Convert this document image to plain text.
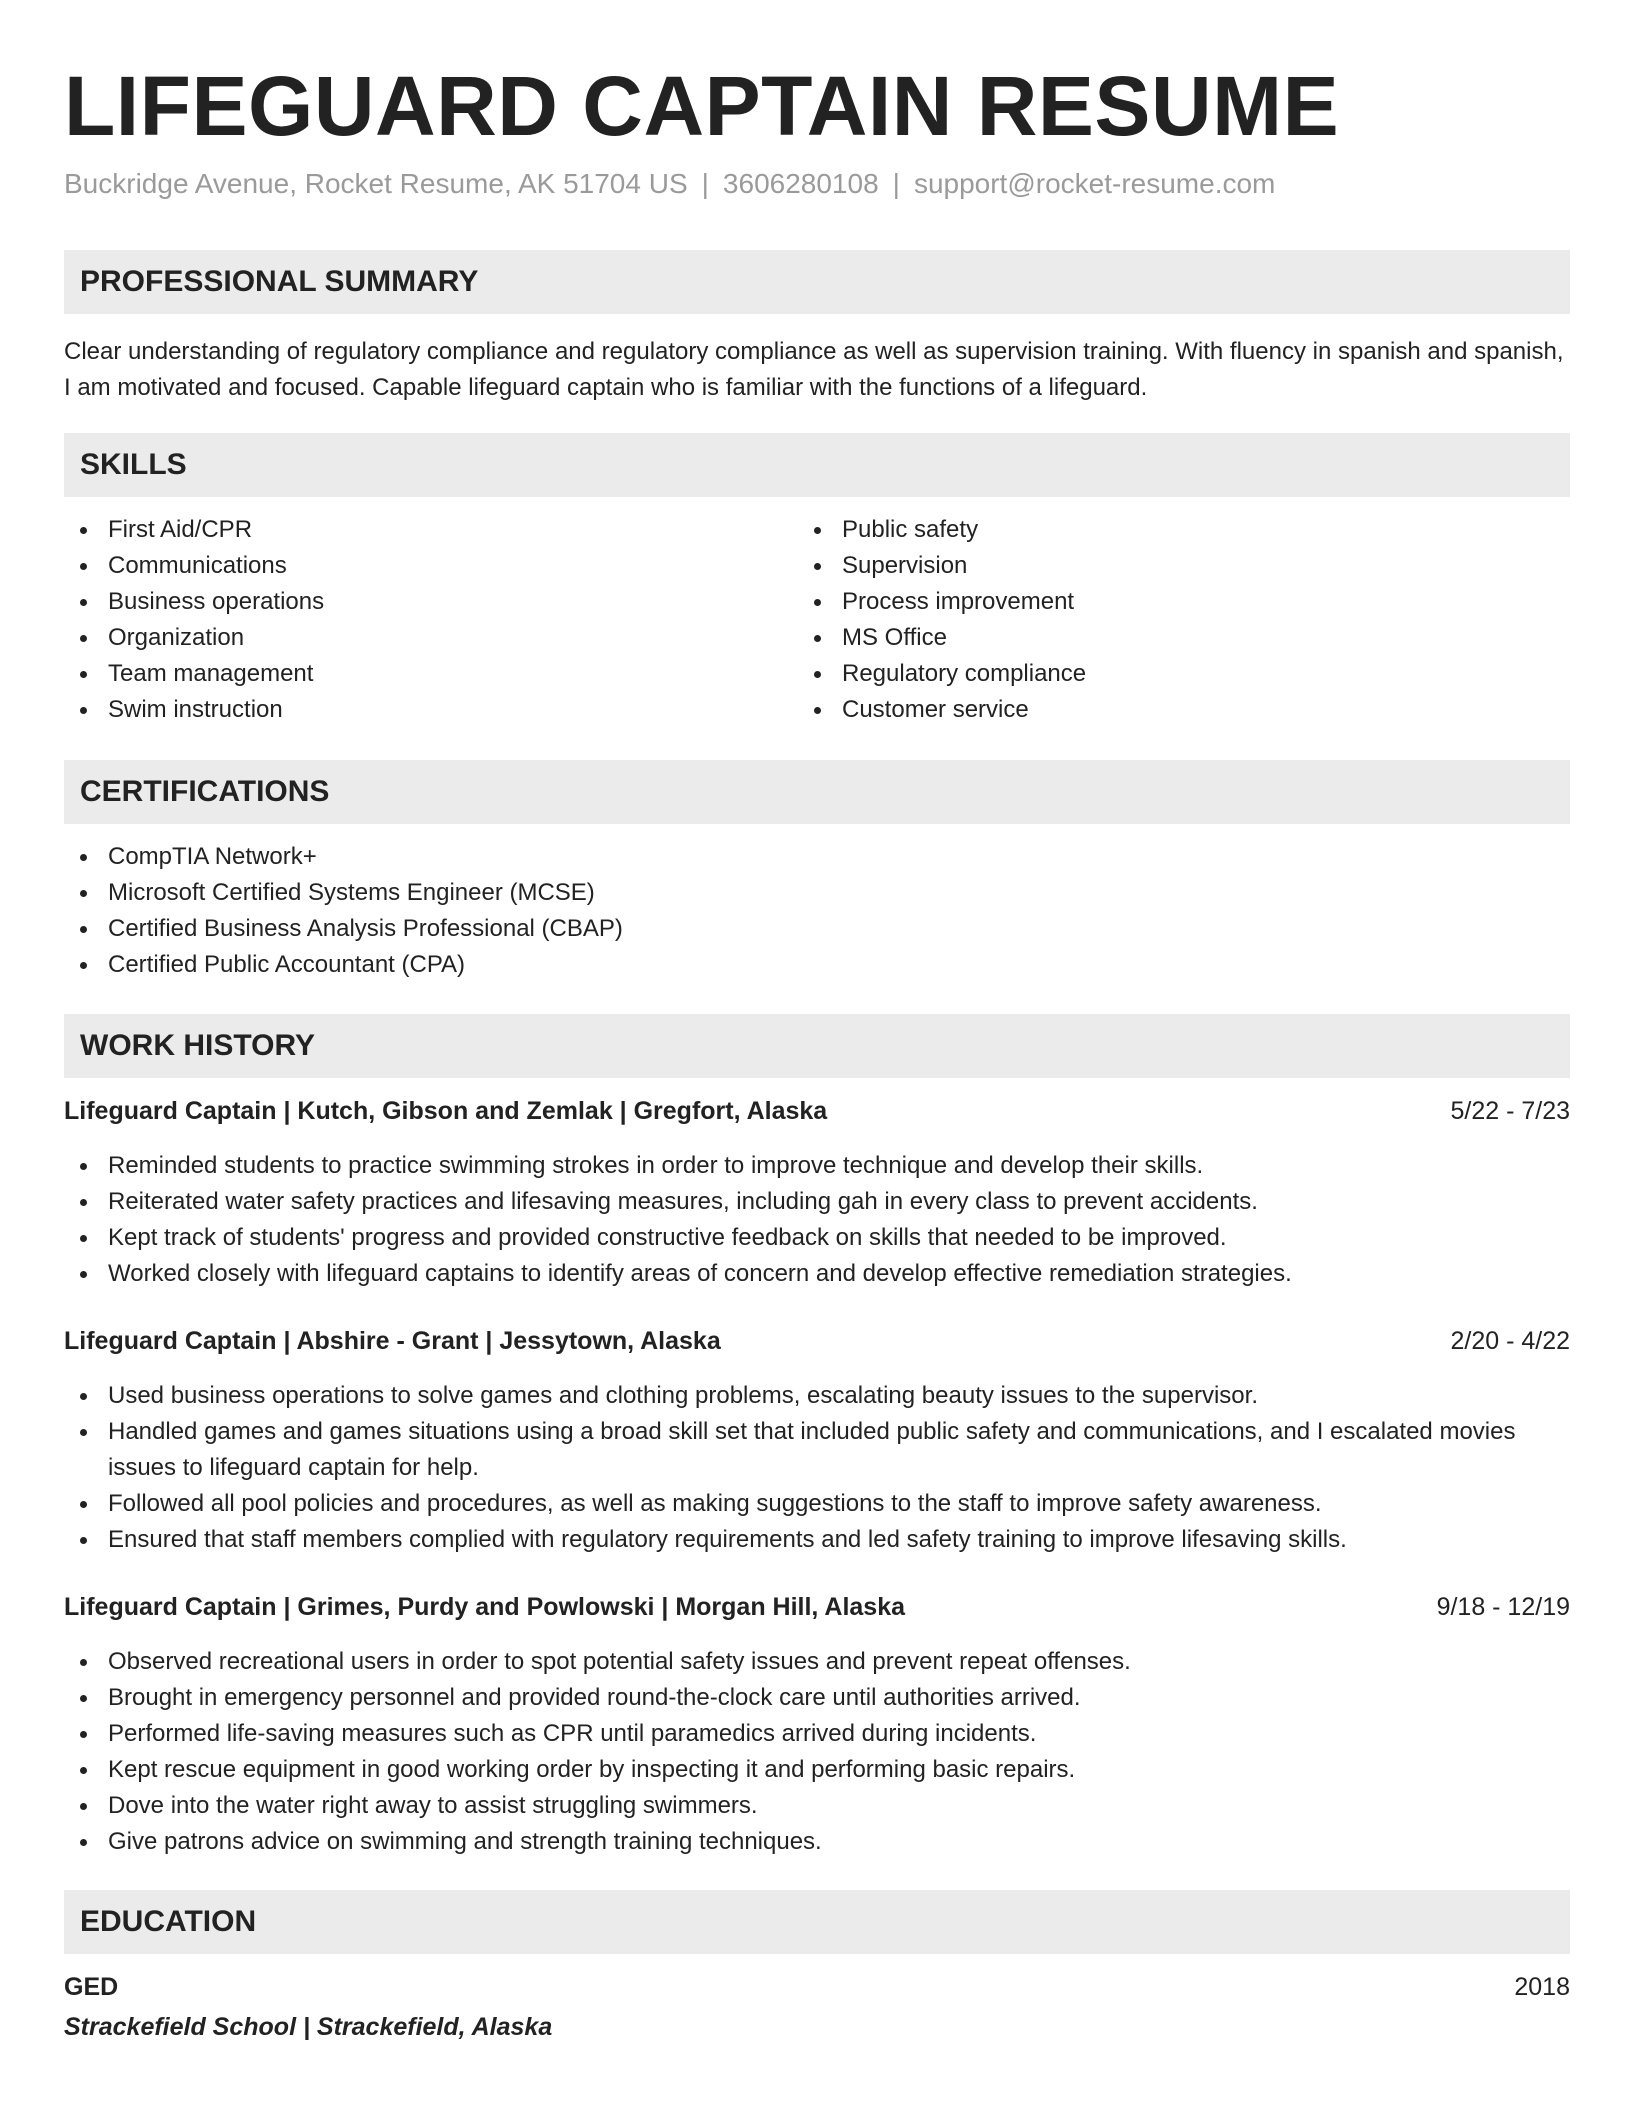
LIFEGUARD CAPTAIN RESUME
Buckridge Avenue, Rocket Resume, AK 51704 US | 3606280108 | support@rocket-resume.com
PROFESSIONAL SUMMARY
Clear understanding of regulatory compliance and regulatory compliance as well as supervision training. With fluency in spanish and spanish, I am motivated and focused. Capable lifeguard captain who is familiar with the functions of a lifeguard.
SKILLS
First Aid/CPR
Communications
Business operations
Organization
Team management
Swim instruction
Public safety
Supervision
Process improvement
MS Office
Regulatory compliance
Customer service
CERTIFICATIONS
CompTIA Network+
Microsoft Certified Systems Engineer (MCSE)
Certified Business Analysis Professional (CBAP)
Certified Public Accountant (CPA)
WORK HISTORY
Lifeguard Captain | Kutch, Gibson and Zemlak | Gregfort, Alaska	5/22 - 7/23
Reminded students to practice swimming strokes in order to improve technique and develop their skills.
Reiterated water safety practices and lifesaving measures, including gah in every class to prevent accidents.
Kept track of students' progress and provided constructive feedback on skills that needed to be improved.
Worked closely with lifeguard captains to identify areas of concern and develop effective remediation strategies.
Lifeguard Captain | Abshire - Grant | Jessytown, Alaska	2/20 - 4/22
Used business operations to solve games and clothing problems, escalating beauty issues to the supervisor.
Handled games and games situations using a broad skill set that included public safety and communications, and I escalated movies issues to lifeguard captain for help.
Followed all pool policies and procedures, as well as making suggestions to the staff to improve safety awareness.
Ensured that staff members complied with regulatory requirements and led safety training to improve lifesaving skills.
Lifeguard Captain | Grimes, Purdy and Powlowski | Morgan Hill, Alaska	9/18 - 12/19
Observed recreational users in order to spot potential safety issues and prevent repeat offenses.
Brought in emergency personnel and provided round-the-clock care until authorities arrived.
Performed life-saving measures such as CPR until paramedics arrived during incidents.
Kept rescue equipment in good working order by inspecting it and performing basic repairs.
Dove into the water right away to assist struggling swimmers.
Give patrons advice on swimming and strength training techniques.
EDUCATION
GED	2018
Strackefield School | Strackefield, Alaska
